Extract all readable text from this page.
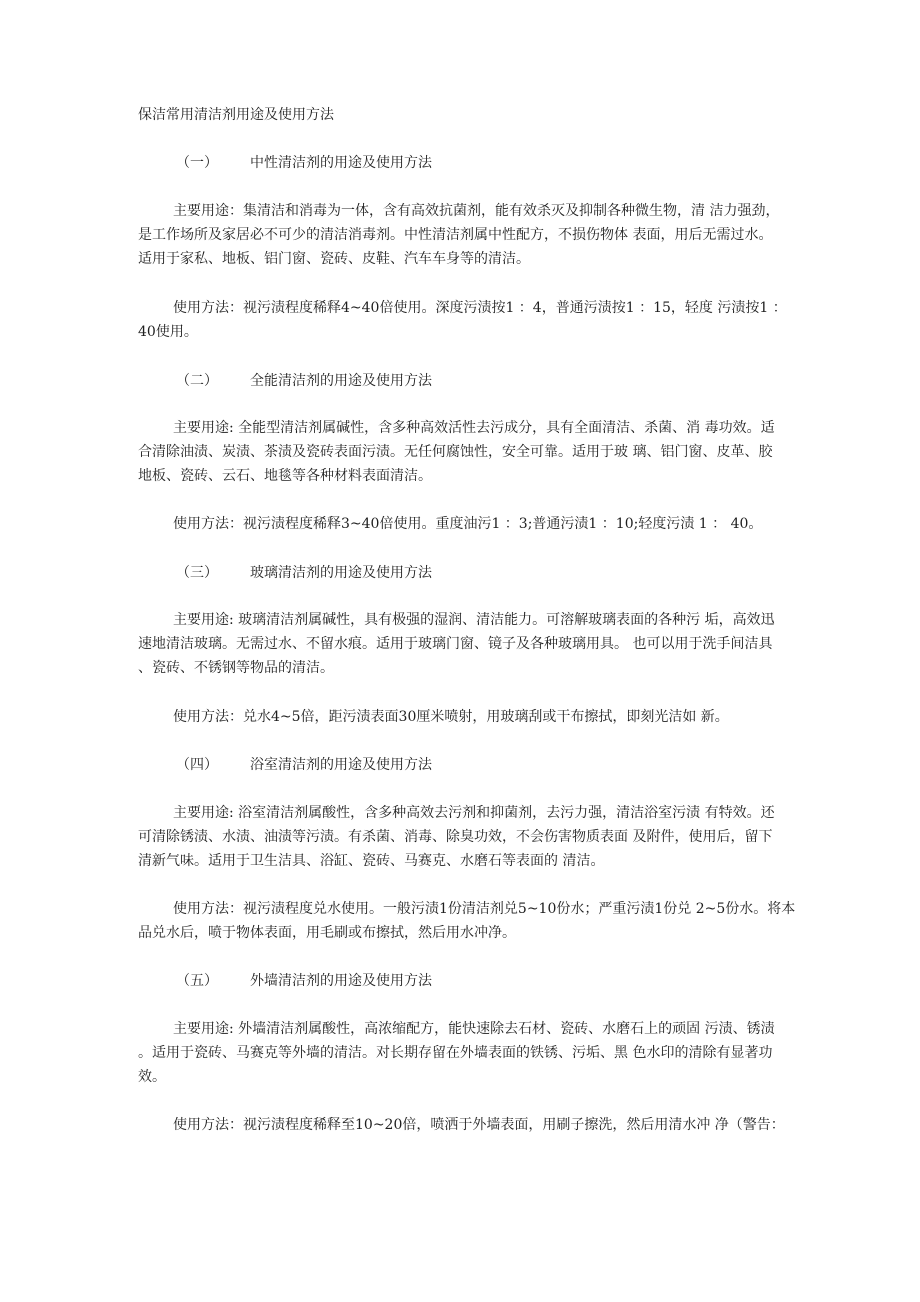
保洁常用清洁剂用途及使用方法
（一） 中性清洁剂的用途及使用方法
主要用途：集清洁和消毒为一体，含有高效抗菌剂，能有效杀灭及抑制各种微生物，清 洁力强劲，
是工作场所及家居必不可少的清洁消毒剂。中性清洁剂属中性配方，不损伤物体 表面，用后无需过水。
适用于家私、地板、铝门窗、瓷砖、皮鞋、汽车车身等的清洁。
使用方法：视污渍程度稀释4~40倍使用。深度污渍按1 ：4，普通污渍按1 ：15，轻度 污渍按1 ：
40使用。
（二） 全能清洁剂的用途及使用方法
主要用途: 全能型清洁剂属碱性，含多种高效活性去污成分，具有全面清洁、杀菌、消 毒功效。适
合清除油渍、炭渍、茶渍及瓷砖表面污渍。无任何腐蚀性，安全可靠。适用于玻 璃、铝门窗、皮革、胶
地板、瓷砖、云石、地毯等各种材料表面清洁。
使用方法：视污渍程度稀释3~40倍使用。重度油污1 ：3;普通污渍1 ：10;轻度污渍 1 ： 40。
（三） 玻璃清洁剂的用途及使用方法
主要用途: 玻璃清洁剂属碱性，具有极强的湿润、清洁能力。可溶解玻璃表面的各种污 垢，高效迅
速地清洁玻璃。无需过水、不留水痕。适用于玻璃门窗、镜子及各种玻璃用具。 也可以用于洗手间洁具
、瓷砖、不锈钢等物品的清洁。
使用方法：兑水4~5倍，距污渍表面30厘米喷射，用玻璃刮或干布擦拭，即刻光洁如 新。
（四） 浴室清洁剂的用途及使用方法
主要用途: 浴室清洁剂属酸性，含多种高效去污剂和抑菌剂，去污力强，清洁浴室污渍 有特效。还
可清除锈渍、水渍、油渍等污渍。有杀菌、消毒、除臭功效，不会伤害物质表面 及附件，使用后，留下
清新气味。适用于卫生洁具、浴缸、瓷砖、马赛克、水磨石等表面的 清洁。
使用方法：视污渍程度兑水使用。一般污渍1份清洁剂兑5~10份水；严重污渍1份兑 2~5份水。将本
品兑水后，喷于物体表面，用毛刷或布擦拭，然后用水冲净。
（五） 外墙清洁剂的用途及使用方法
主要用途: 外墙清洁剂属酸性，高浓缩配方，能快速除去石材、瓷砖、水磨石上的顽固 污渍、锈渍
。适用于瓷砖、马赛克等外墙的清洁。对长期存留在外墙表面的铁锈、污垢、黑 色水印的清除有显著功
效。
使用方法：视污渍程度稀释至10~20倍，喷洒于外墙表面，用刷子擦洗，然后用清水冲 净（警告：
